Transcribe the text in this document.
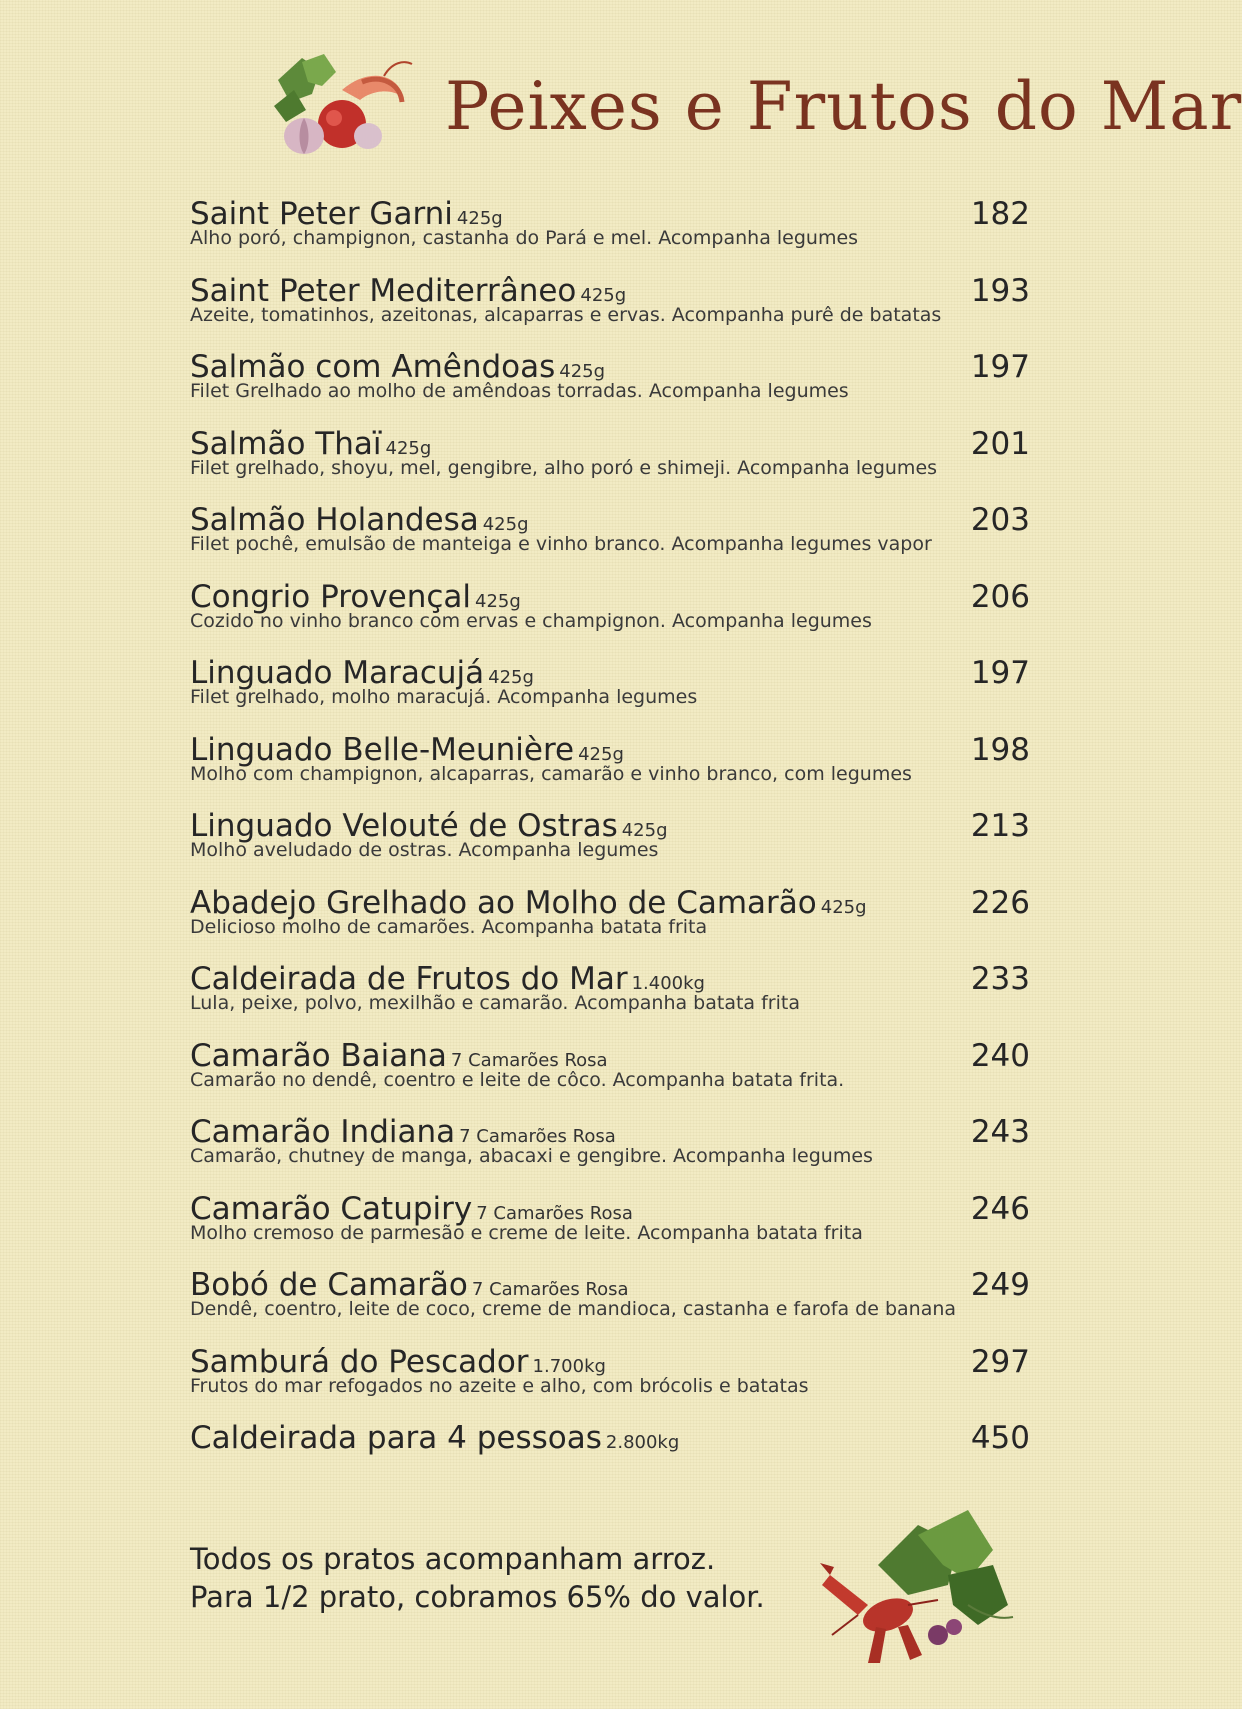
Peixes e Frutos do Mar
Saint Peter Garni 425g	182
Alho poró, champignon, castanha do Pará e mel. Acompanha legumes
Saint Peter Mediterrâneo 425g	193
Azeite, tomatinhos, azeitonas, alcaparras e ervas. Acompanha purê de batatas
Salmão com Amêndoas 425g	197
Filet Grelhado ao molho de amêndoas torradas. Acompanha legumes
Salmão Thaï 425g	201
Filet grelhado, shoyu, mel, gengibre, alho poró e shimeji. Acompanha legumes
Salmão Holandesa 425g	203
Filet pochê, emulsão de manteiga e vinho branco. Acompanha legumes vapor
Congrio Provençal 425g	206
Cozido no vinho branco com ervas e champignon. Acompanha legumes
Linguado Maracujá 425g	197
Filet grelhado, molho maracujá. Acompanha legumes
Linguado Belle-Meunière 425g	198
Molho com champignon, alcaparras, camarão e vinho branco, com legumes
Linguado Velouté de Ostras 425g	213
Molho aveludado de ostras. Acompanha legumes
Abadejo Grelhado ao Molho de Camarão 425g	226
Delicioso molho de camarões. Acompanha batata frita
Caldeirada de Frutos do Mar 1.400kg	233
Lula, peixe, polvo, mexilhão e camarão. Acompanha batata frita
Camarão Baiana 7 Camarões Rosa	240
Camarão no dendê, coentro e leite de côco. Acompanha batata frita.
Camarão Indiana 7 Camarões Rosa	243
Camarão, chutney de manga, abacaxi e gengibre. Acompanha legumes
Camarão Catupiry 7 Camarões Rosa	246
Molho cremoso de parmesão e creme de leite. Acompanha batata frita
Bobó de Camarão 7 Camarões Rosa	249
Dendê, coentro, leite de coco, creme de mandioca, castanha e farofa de banana
Samburá do Pescador 1.700kg	297
Frutos do mar refogados no azeite e alho, com brócolis e batatas
Caldeirada para 4 pessoas 2.800kg	450
Todos os pratos acompanham arroz.
Para 1/2 prato, cobramos 65% do valor.
